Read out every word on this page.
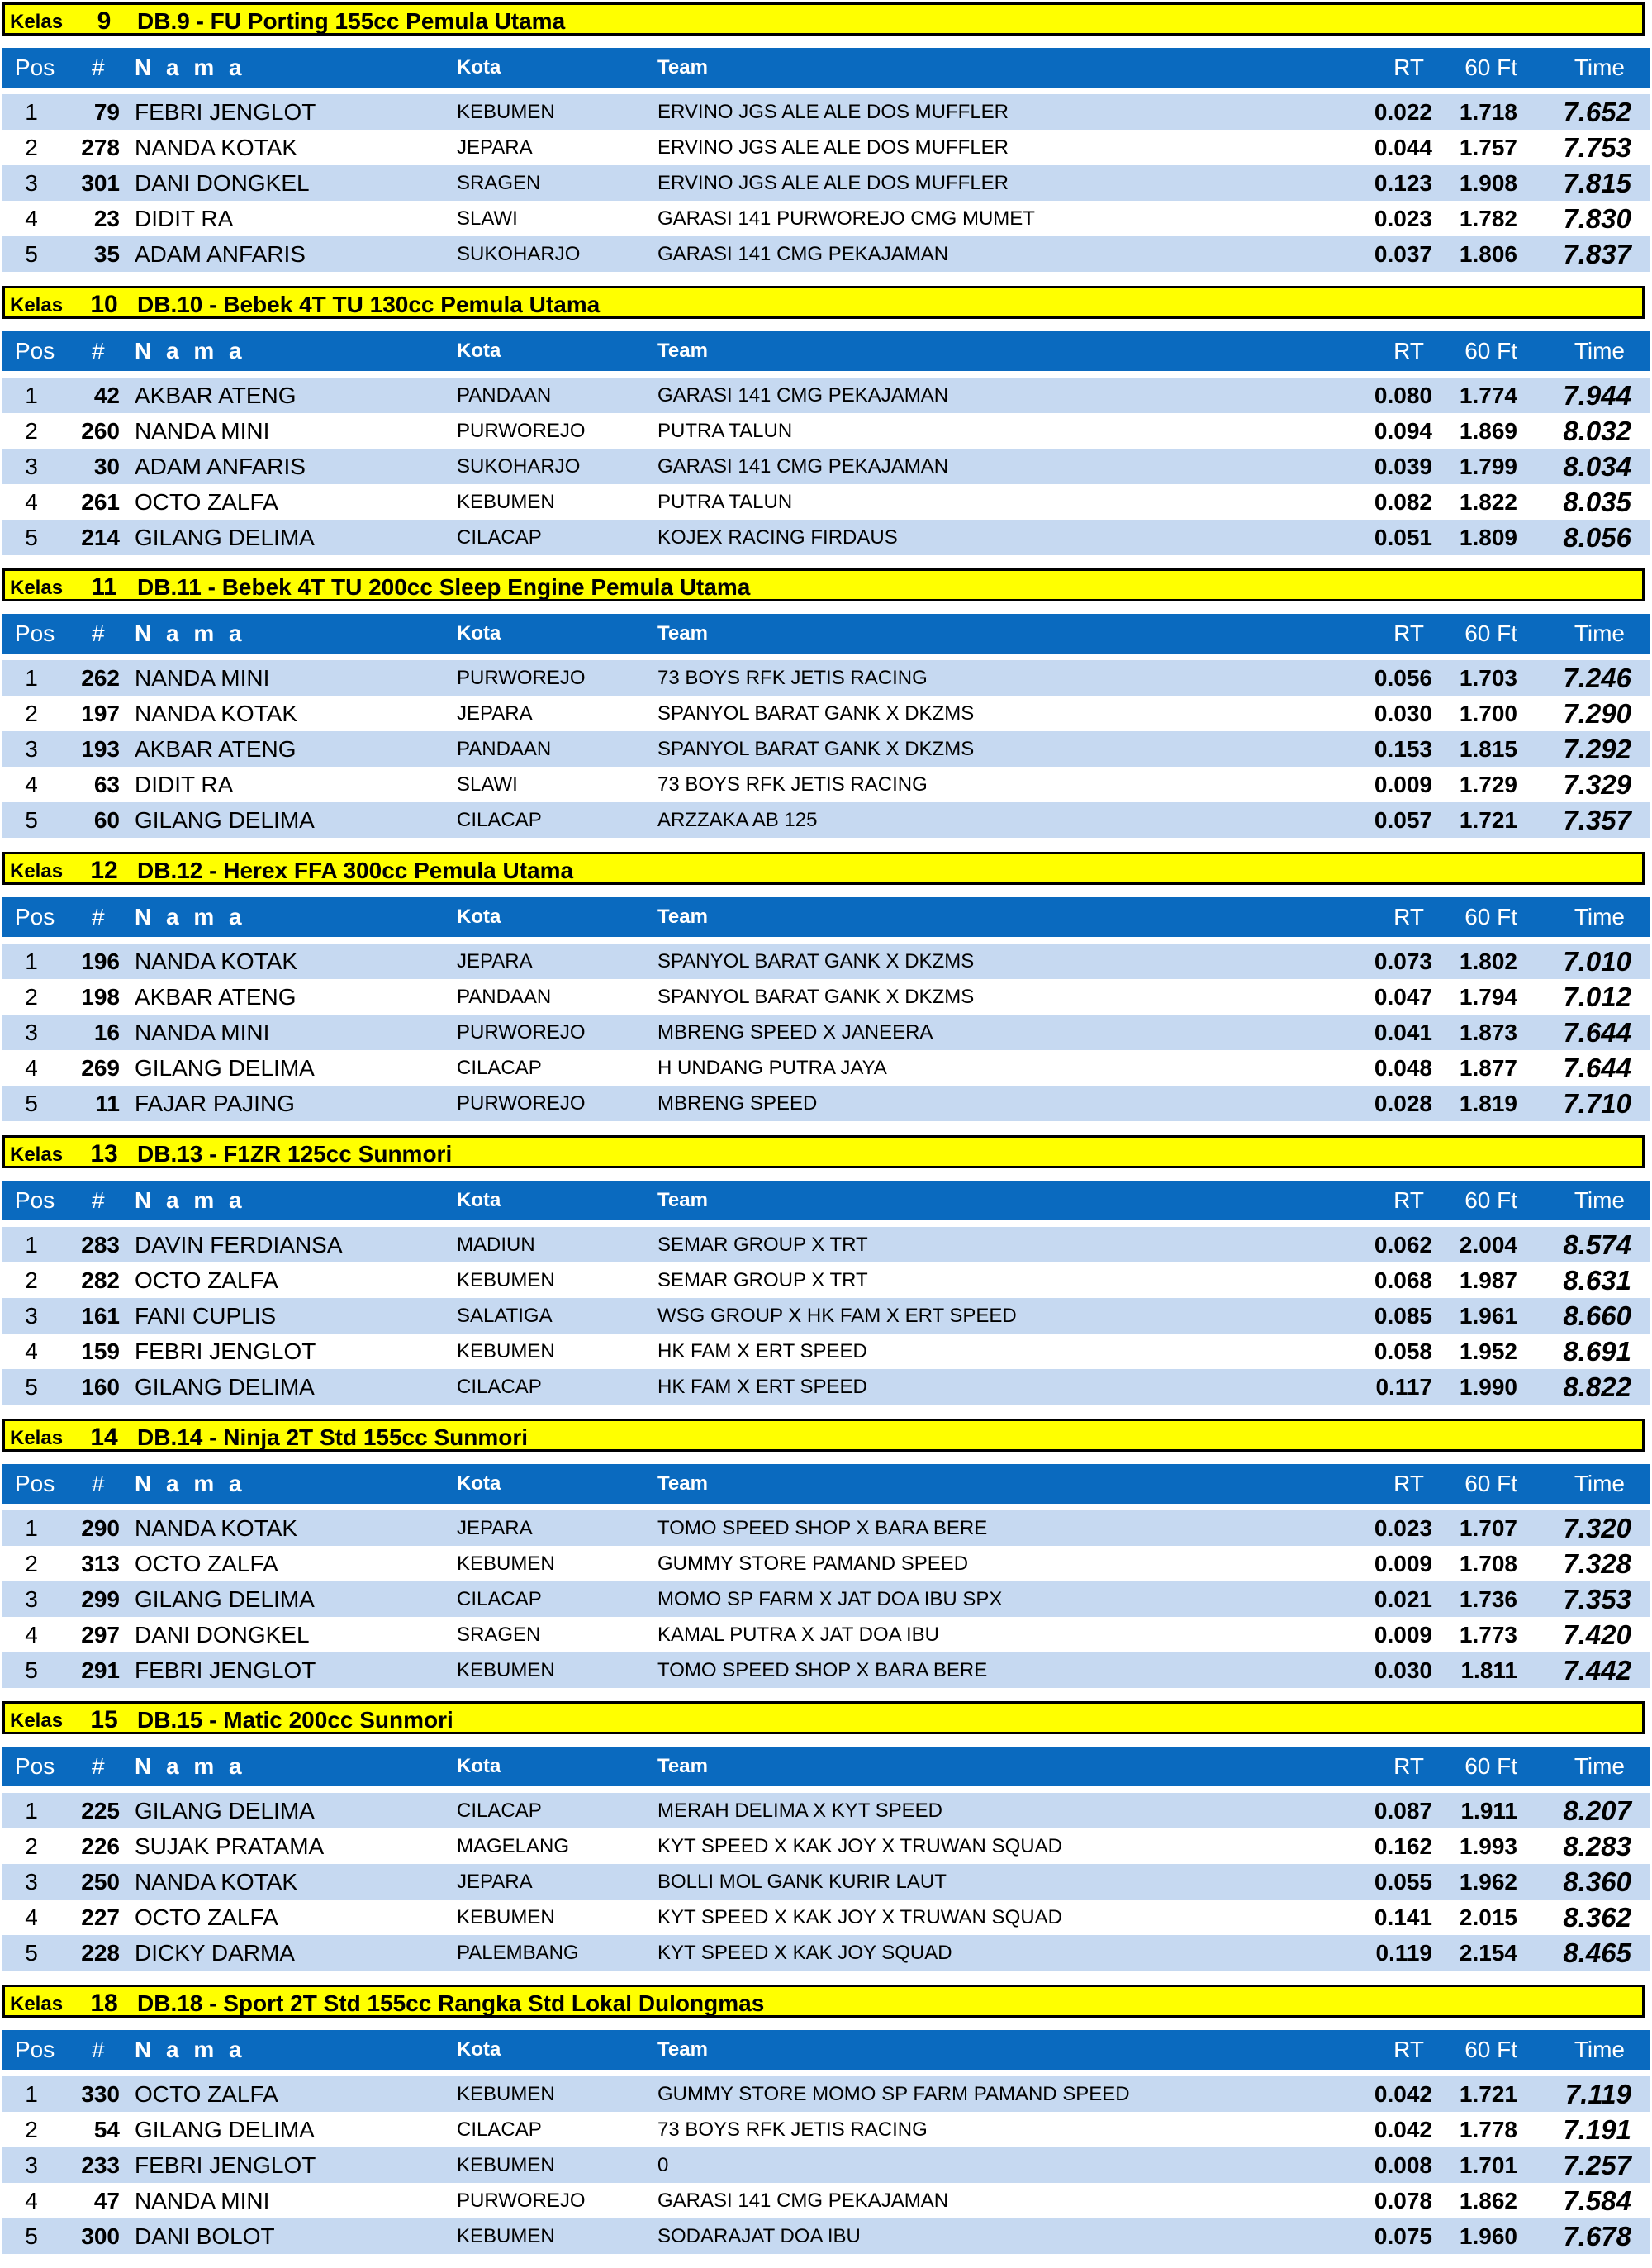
Kelas	9	DB.9 - FU Porting 155cc Pemula Utama
Pos # N a m a	Kota	Team	RT 60 Ft Time
1	79 FEBRI JENGLOT	KEBUMEN	ERVINO JGS ALE ALE DOS MUFFLER	0.022 1.718 7.652
2	278 NANDA KOTAK	JEPARA	ERVINO JGS ALE ALE DOS MUFFLER	0.044 1.757 7.753
3	301 DANI DONGKEL	SRAGEN	ERVINO JGS ALE ALE DOS MUFFLER	0.123 1.908 7.815
4	23 DIDIT RA	SLAWI	GARASI 141 PURWOREJO CMG MUMET	0.023 1.782 7.830
5	35 ADAM ANFARIS	SUKOHARJO	GARASI 141 CMG PEKAJAMAN	0.037 1.806 7.837
Kelas	10 DB.10 - Bebek 4T TU 130cc Pemula Utama
Pos # N a m a	Kota	Team	RT 60 Ft Time
1	42 AKBAR ATENG	PANDAAN	GARASI 141 CMG PEKAJAMAN	0.080 1.774 7.944
2	260 NANDA MINI	PURWOREJO	PUTRA TALUN	0.094 1.869 8.032
3	30 ADAM ANFARIS	SUKOHARJO	GARASI 141 CMG PEKAJAMAN	0.039 1.799 8.034
4	261 OCTO ZALFA	KEBUMEN	PUTRA TALUN	0.082 1.822 8.035
5	214 GILANG DELIMA	CILACAP	KOJEX RACING FIRDAUS	0.051 1.809 8.056
Kelas	11 DB.11 - Bebek 4T TU 200cc Sleep Engine Pemula Utama
Pos # N a m a	Kota	Team	RT 60 Ft Time
1	262 NANDA MINI	PURWOREJO	73 BOYS RFK JETIS RACING	0.056 1.703 7.246
2	197 NANDA KOTAK	JEPARA	SPANYOL BARAT GANK X DKZMS	0.030 1.700 7.290
3	193 AKBAR ATENG	PANDAAN	SPANYOL BARAT GANK X DKZMS	0.153 1.815 7.292
4	63 DIDIT RA	SLAWI	73 BOYS RFK JETIS RACING	0.009 1.729 7.329
5	60 GILANG DELIMA	CILACAP	ARZZAKA AB 125	0.057 1.721 7.357
Kelas	12 DB.12 - Herex FFA 300cc Pemula Utama
Pos # N a m a	Kota	Team	RT 60 Ft Time
1	196 NANDA KOTAK	JEPARA	SPANYOL BARAT GANK X DKZMS	0.073 1.802 7.010
2	198 AKBAR ATENG	PANDAAN	SPANYOL BARAT GANK X DKZMS	0.047 1.794 7.012
3	16 NANDA MINI	PURWOREJO	MBRENG SPEED X JANEERA	0.041 1.873 7.644
4	269 GILANG DELIMA	CILACAP	H UNDANG PUTRA JAYA	0.048 1.877 7.644
5	11 FAJAR PAJING	PURWOREJO	MBRENG SPEED	0.028 1.819 7.710
Kelas	13 DB.13 - F1ZR 125cc Sunmori
Pos # N a m a	Kota	Team	RT 60 Ft Time
1	283 DAVIN FERDIANSA	MADIUN	SEMAR GROUP X TRT	0.062 2.004 8.574
2	282 OCTO ZALFA	KEBUMEN	SEMAR GROUP X TRT	0.068 1.987 8.631
3	161 FANI CUPLIS	SALATIGA	WSG GROUP X HK FAM X ERT SPEED	0.085 1.961 8.660
4	159 FEBRI JENGLOT	KEBUMEN	HK FAM X ERT SPEED	0.058 1.952 8.691
5	160 GILANG DELIMA	CILACAP	HK FAM X ERT SPEED	0.117 1.990 8.822
Kelas	14 DB.14 - Ninja 2T Std 155cc Sunmori
Pos # N a m a	Kota	Team	RT 60 Ft Time
1	290 NANDA KOTAK	JEPARA	TOMO SPEED SHOP X BARA BERE	0.023 1.707 7.320
2	313 OCTO ZALFA	KEBUMEN	GUMMY STORE PAMAND SPEED	0.009 1.708 7.328
3	299 GILANG DELIMA	CILACAP	MOMO SP FARM X JAT DOA IBU SPX	0.021 1.736 7.353
4	297 DANI DONGKEL	SRAGEN	KAMAL PUTRA X JAT DOA IBU	0.009 1.773 7.420
5	291 FEBRI JENGLOT	KEBUMEN	TOMO SPEED SHOP X BARA BERE	0.030 1.811 7.442
Kelas	15 DB.15 - Matic 200cc Sunmori
Pos # N a m a	Kota	Team	RT 60 Ft Time
1	225 GILANG DELIMA	CILACAP	MERAH DELIMA X KYT SPEED	0.087 1.911 8.207
2	226 SUJAK PRATAMA	MAGELANG	KYT SPEED X KAK JOY X TRUWAN SQUAD	0.162 1.993 8.283
3	250 NANDA KOTAK	JEPARA	BOLLI MOL GANK KURIR LAUT	0.055 1.962 8.360
4	227 OCTO ZALFA	KEBUMEN	KYT SPEED X KAK JOY X TRUWAN SQUAD	0.141 2.015 8.362
5	228 DICKY DARMA	PALEMBANG	KYT SPEED X KAK JOY SQUAD	0.119 2.154 8.465
Kelas	18 DB.18 - Sport 2T Std 155cc Rangka Std Lokal Dulongmas
Pos # N a m a	Kota	Team	RT 60 Ft Time
1	330 OCTO ZALFA	KEBUMEN	GUMMY STORE MOMO SP FARM PAMAND SPEED	0.042 1.721 7.119
2	54 GILANG DELIMA	CILACAP	73 BOYS RFK JETIS RACING	0.042 1.778 7.191
3	233 FEBRI JENGLOT	KEBUMEN	0	0.008 1.701 7.257
4	47 NANDA MINI	PURWOREJO	GARASI 141 CMG PEKAJAMAN	0.078 1.862 7.584
5	300 DANI BOLOT	KEBUMEN	SODARAJAT DOA IBU	0.075 1.960 7.678
